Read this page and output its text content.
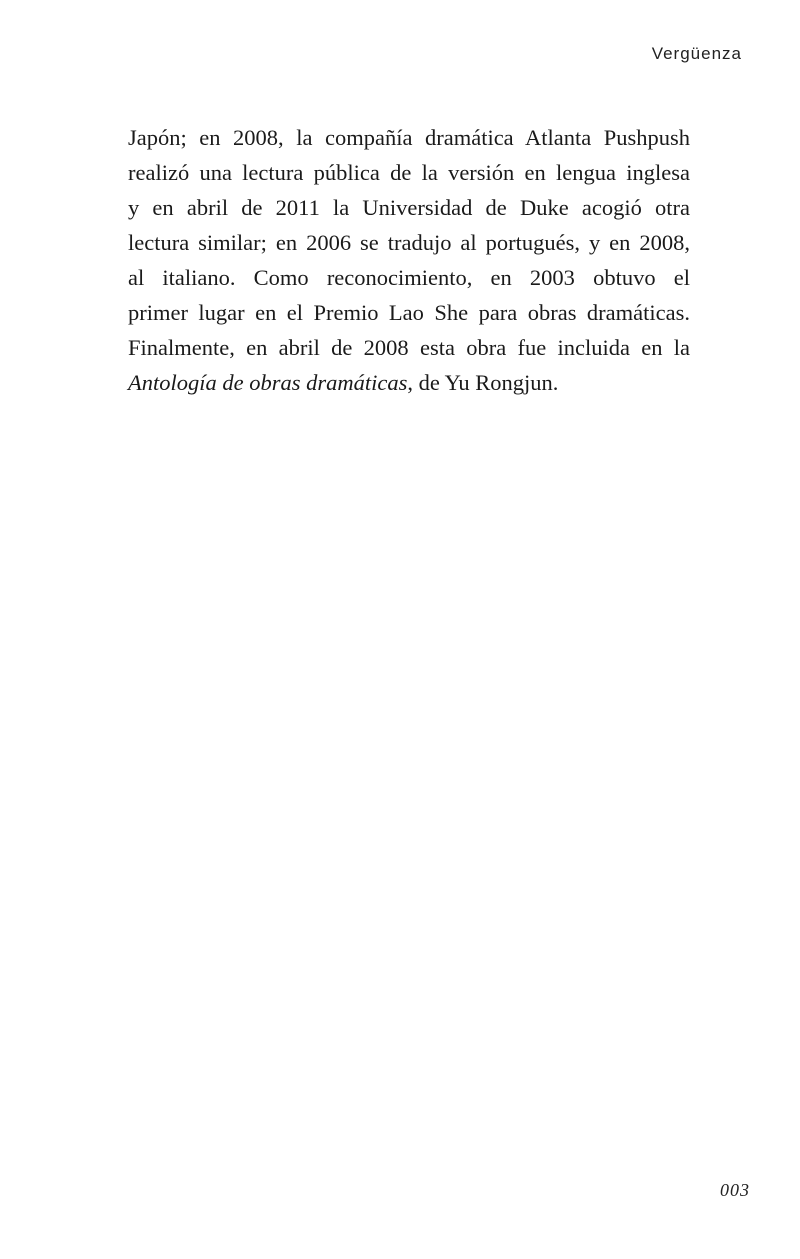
Vergüenza
Japón; en 2008, la compañía dramática Atlanta Pushpush
realizó una lectura pública de la versión en lengua inglesa
y en abril de 2011 la Universidad de Duke acogió otra
lectura similar; en 2006 se tradujo al portugués, y en 2008,
al italiano. Como reconocimiento, en 2003 obtuvo el
primer lugar en el Premio Lao She para obras dramáticas.
Finalmente, en abril de 2008 esta obra fue incluida en la
Antología de obras dramáticas, de Yu Rongjun.
003
